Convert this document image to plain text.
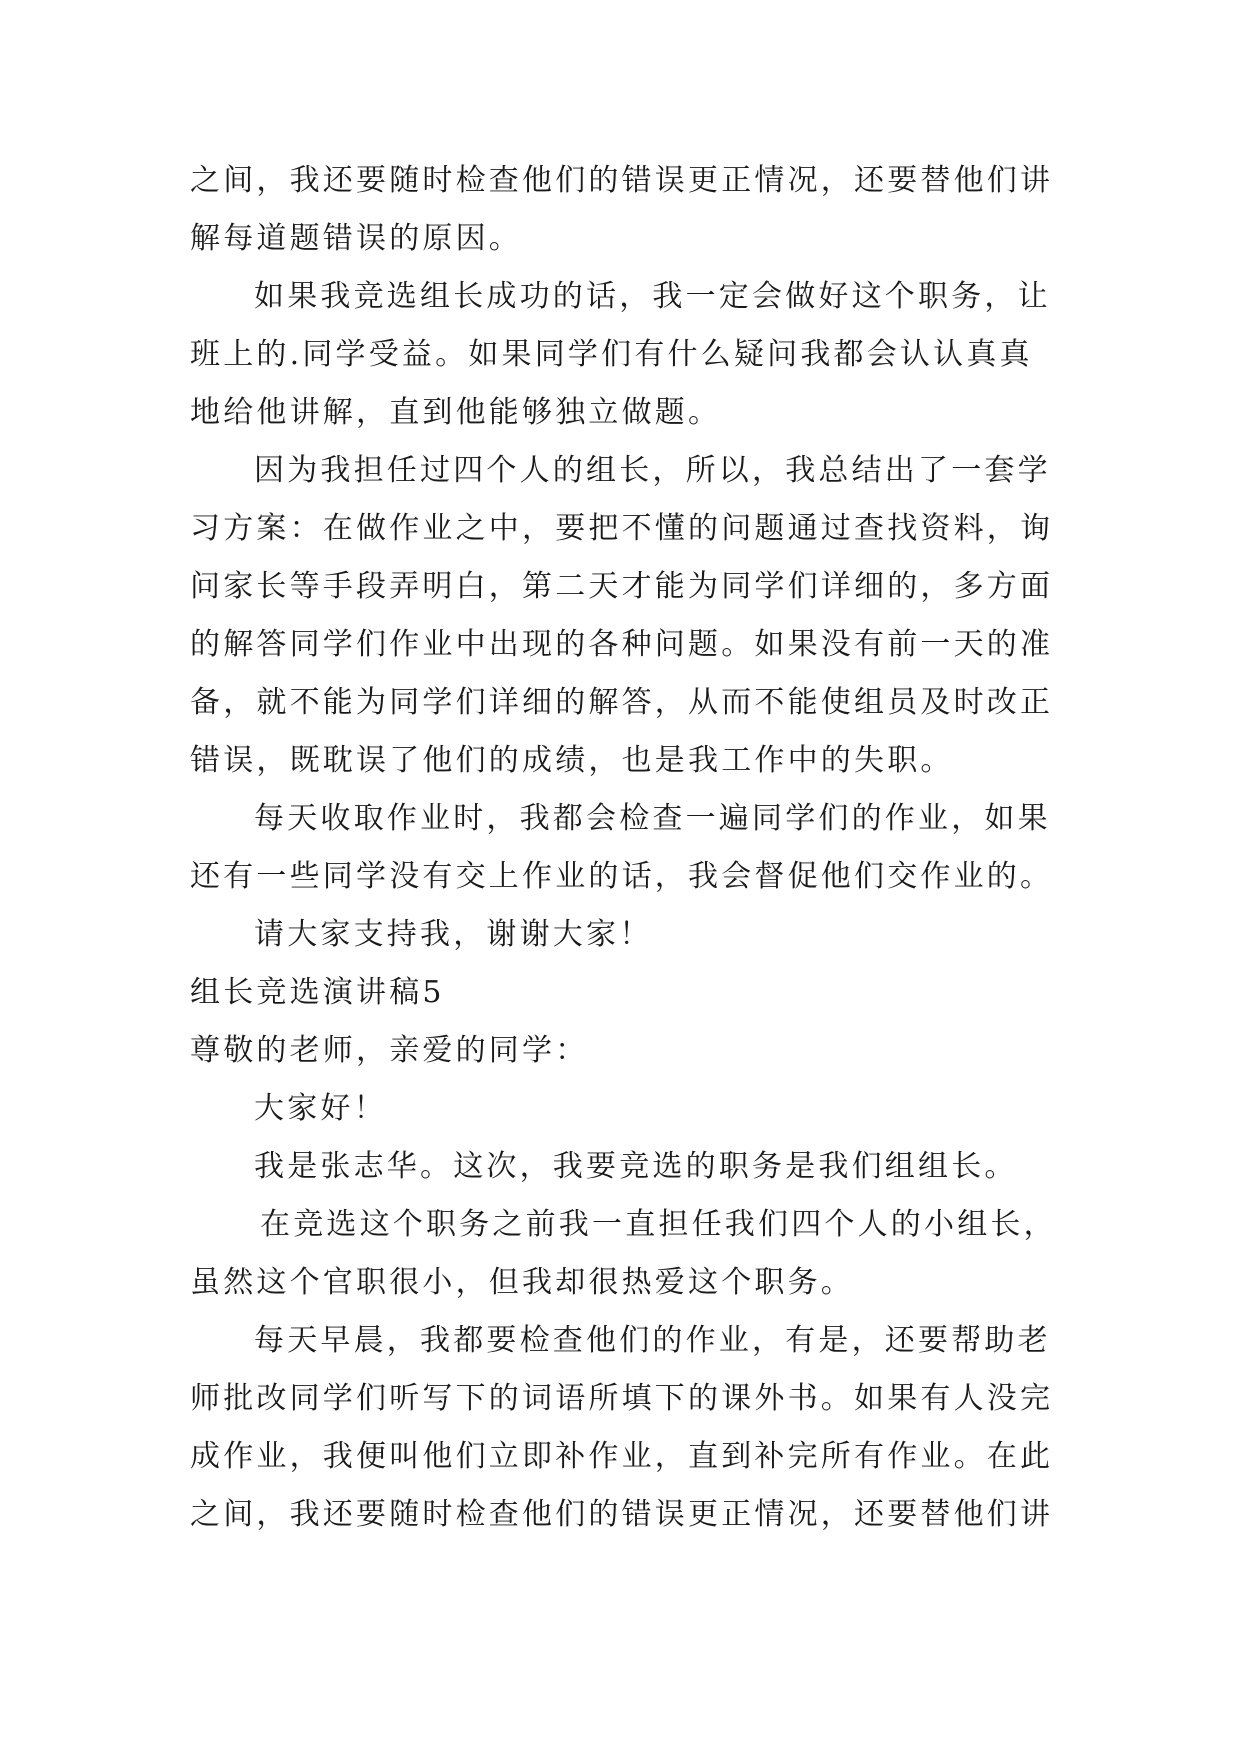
之间，我还要随时检查他们的错误更正情况，还要替他们讲
解每道题错误的原因。
如果我竞选组长成功的话，我一定会做好这个职务，让
班上的.同学受益。如果同学们有什么疑问我都会认认真真
地给他讲解，直到他能够独立做题。
因为我担任过四个人的组长，所以，我总结出了一套学
习方案：在做作业之中，要把不懂的问题通过查找资料，询
问家长等手段弄明白，第二天才能为同学们详细的，多方面
的解答同学们作业中出现的各种问题。如果没有前一天的准
备，就不能为同学们详细的解答，从而不能使组员及时改正
错误，既耽误了他们的成绩，也是我工作中的失职。
每天收取作业时，我都会检查一遍同学们的作业，如果
还有一些同学没有交上作业的话，我会督促他们交作业的。
请大家支持我，谢谢大家！
组长竞选演讲稿5
尊敬的老师，亲爱的同学：
大家好！
我是张志华。这次，我要竞选的职务是我们组组长。
在竞选这个职务之前我一直担任我们四个人的小组长，
虽然这个官职很小，但我却很热爱这个职务。
每天早晨，我都要检查他们的作业，有是，还要帮助老
师批改同学们听写下的词语所填下的课外书。如果有人没完
成作业，我便叫他们立即补作业，直到补完所有作业。在此
之间，我还要随时检查他们的错误更正情况，还要替他们讲
